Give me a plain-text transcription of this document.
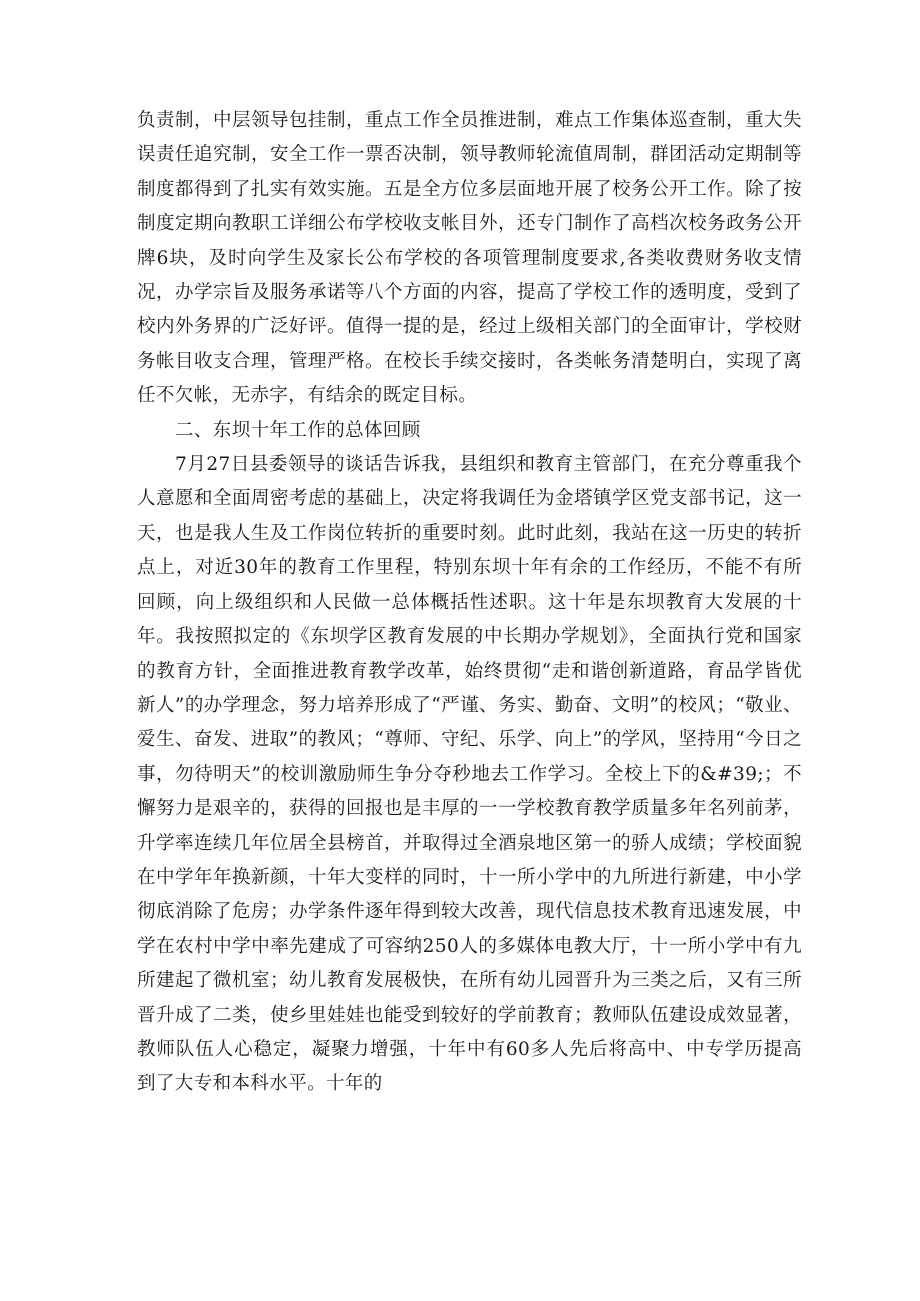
负责制，中层领导包挂制，重点工作全员推进制，难点工作集体巡查制，重大失误责任追究制，安全工作一票否决制，领导教师轮流值周制，群团活动定期制等制度都得到了扎实有效实施。五是全方位多层面地开展了校务公开工作。除了按制度定期向教职工详细公布学校收支帐目外，还专门制作了高档次校务政务公开牌6块，及时向学生及家长公布学校的各项管理制度要求,各类收费财务收支情况，办学宗旨及服务承诺等八个方面的内容，提高了学校工作的透明度，受到了校内外务界的广泛好评。值得一提的是，经过上级相关部门的全面审计，学校财务帐目收支合理，管理严格。在校长手续交接时，各类帐务清楚明白，实现了离任不欠帐，无赤字，有结余的既定目标。

二、东坝十年工作的总体回顾

7月27日县委领导的谈话告诉我，县组织和教育主管部门，在充分尊重我个人意愿和全面周密考虑的基础上，决定将我调任为金塔镇学区党支部书记，这一天，也是我人生及工作岗位转折的重要时刻。此时此刻，我站在这一历史的转折点上，对近30年的教育工作里程，特别东坝十年有余的工作经历，不能不有所回顾，向上级组织和人民做一总体概括性述职。这十年是东坝教育大发展的十年。我按照拟定的《东坝学区教育发展的中长期办学规划》，全面执行党和国家的教育方针，全面推进教育教学改革，始终贯彻“走和谐创新道路，育品学皆优新人”的办学理念，努力培养形成了“严谨、务实、勤奋、文明”的校风；“敬业、爱生、奋发、进取”的教风；“尊师、守纪、乐学、向上”的学风，坚持用“今日之事，勿待明天”的校训激励师生争分夺秒地去工作学习。全校上下的&#39;；不懈努力是艰辛的，获得的回报也是丰厚的一一学校教育教学质量多年名列前茅，升学率连续几年位居全县榜首，并取得过全酒泉地区第一的骄人成绩；学校面貌在中学年年换新颜，十年大变样的同时，十一所小学中的九所进行新建，中小学彻底消除了危房；办学条件逐年得到较大改善，现代信息技术教育迅速发展，中学在农村中学中率先建成了可容纳250人的多媒体电教大厅，十一所小学中有九所建起了微机室；幼儿教育发展极快，在所有幼儿园晋升为三类之后，又有三所晋升成了二类，使乡里娃娃也能受到较好的学前教育；教师队伍建设成效显著，教师队伍人心稳定，凝聚力增强，十年中有60多人先后将高中、中专学历提高到了大专和本科水平。十年的
